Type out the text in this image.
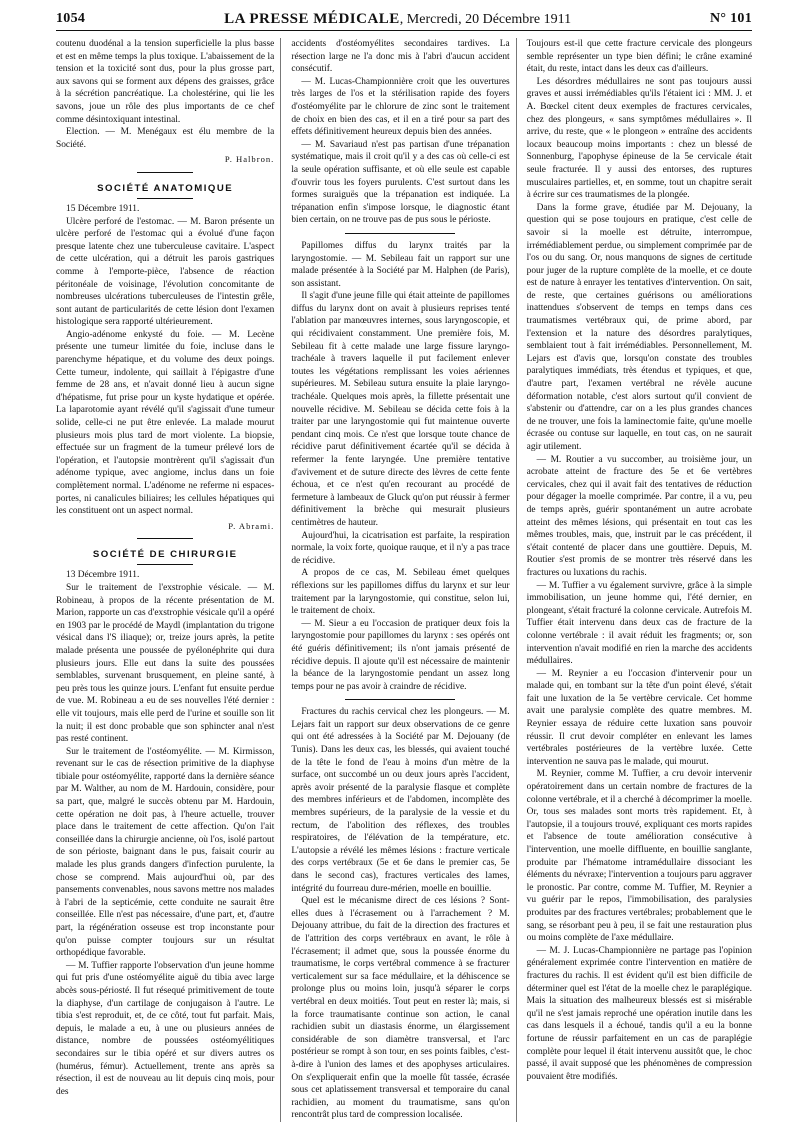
1054	LA PRESSE MÉDICALE, Mercredi, 20 Décembre 1911	N° 101

coutenu duodénal a la tension superficielle la plus basse et est en même temps la plus toxique. L'abaissement de la tension et la toxicité sont dus, pour la plus grosse part, aux savons qui se forment aux dépens des graisses, grâce à la sécrétion pancréatique. La cholestérine, qui lie les savons, joue un rôle des plus importants de ce chef comme désintoxiquant intestinal.

Election. — M. Menégaux est élu membre de la Société.

P. Halbron.

SOCIÉTÉ ANATOMIQUE

15 Décembre 1911.

Ulcère perforé de l'estomac. — M. Baron présente un ulcère perforé de l'estomac qui a évolué d'une façon presque latente chez une tuberculeuse cavitaire. L'aspect de cette ulcération, qui a détruit les parois gastriques comme à l'emporte-pièce, l'absence de réaction péritonéale de voisinage, l'évolution concomitante de nombreuses ulcérations tuberculeuses de l'intestin grêle, sont autant de particularités de cette lésion dont l'examen histologique sera rapporté ultérieurement.

Angio-adénome enkysté du foie. — M. Lecène présente une tumeur limitée du foie, incluse dans le parenchyme hépatique, et du volume des deux poings. Cette tumeur, indolente, qui saillait à l'épigastre d'une femme de 28 ans, et n'avait donné lieu à aucun signe d'hépatisme, fut prise pour un kyste hydatique et opérée. La laparotomie ayant révélé qu'il s'agissait d'une tumeur solide, celle-ci ne put être enlevée. La malade mourut plusieurs mois plus tard de mort violente. La biopsie, effectuée sur un fragment de la tumeur prélevé lors de l'opération, et l'autopsie montrèrent qu'il s'agissait d'un adénome typique, avec angiome, inclus dans un foie complètement normal. L'adénome ne referme ni espaces-portes, ni canalicules biliaires; les cellules hépatiques qui les constituent ont un aspect normal.

P. Abrami.

SOCIÉTÉ DE CHIRURGIE

13 Décembre 1911.

Sur le traitement de l'exstrophie vésicale. — M. Robineau, à propos de la récente présentation de M. Marion, rapporte un cas d'exstrophie vésicale qu'il a opéré en 1903 par le procédé de Maydl (implantation du trigone vésical dans l'S iliaque); or, treize jours après, la petite malade présenta une poussée de pyélonéphrite qui dura plusieurs jours. Elle eut dans la suite des poussées semblables, survenant brusquement, en pleine santé, à peu près tous les quinze jours. L'enfant fut ensuite perdue de vue. M. Robineau a eu de ses nouvelles l'été dernier : elle vit toujours, mais elle perd de l'urine et souille son lit la nuit; il est donc probable que son sphincter anal n'est pas resté continent.

Sur le traitement de l'ostéomyélite. — M. Kirmisson, revenant sur le cas de résection primitive de la diaphyse tibiale pour ostéomyélite, rapporté dans la dernière séance par M. Walther, au nom de M. Hardouin, considère, pour sa part, que, malgré le succès obtenu par M. Hardouin, cette opération ne doit pas, à l'heure actuelle, trouver place dans le traitement de cette affection. Qu'on l'ait conseillée dans la chirurgie ancienne, où l'os, isolé partout de son périoste, baignant dans le pus, faisait courir au malade les plus grands dangers d'infection purulente, la chose se comprend. Mais aujourd'hui où, par des pansements convenables, nous savons mettre nos malades à l'abri de la septicémie, cette conduite ne saurait être conseillée. Elle n'est pas nécessaire, d'une part, et, d'autre part, la régénération osseuse est trop inconstante pour qu'on puisse compter toujours sur un résultat orthopédique favorable.

— M. Tuffier rapporte l'observation d'un jeune homme qui fut pris d'une ostéomyélite aiguë du tibia avec large abcès sous-périosté. Il fut résequé primitivement de toute la diaphyse, d'un cartilage de conjugaison à l'autre. Le tibia s'est reproduit, et, de ce côté, tout fut parfait. Mais, depuis, le malade a eu, à une ou plusieurs années de distance, nombre de poussées ostéomyélitiques secondaires sur le tibia opéré et sur divers autres os (humérus, fémur). Actuellement, trente ans après sa résection, il est de nouveau au lit depuis cinq mois, pour des

accidents d'ostéomyélites secondaires tardives. La résection large ne l'a donc mis à l'abri d'aucun accident consécutif.

— M. Lucas-Championnière croit que les ouvertures très larges de l'os et la stérilisation rapide des foyers d'ostéomyélite par le chlorure de zinc sont le traitement de choix en bien des cas, et il en a tiré pour sa part des effets définitivement heureux depuis bien des années.

— M. Savariaud n'est pas partisan d'une trépanation systématique, mais il croit qu'il y a des cas où celle-ci est la seule opération suffisante, et où elle seule est capable d'ouvrir tous les foyers purulents. C'est surtout dans les formes suraiguës que la trépanation est indiquée. La trépanation enfin s'impose lorsque, le diagnostic étant bien certain, on ne trouve pas de pus sous le périoste.

Papillomes diffus du larynx traités par la laryngostomie. — M. Sebileau fait un rapport sur une malade présentée à la Société par M. Halphen (de Paris), son assistant.

Il s'agit d'une jeune fille qui était atteinte de papillomes diffus du larynx dont on avait à plusieurs reprises tenté l'ablation par manœuvres internes, sous laryngoscopie, et qui récidivaient constamment. Une première fois, M. Sebileau fit à cette malade une large fissure laryngo-trachéale à travers laquelle il put facilement enlever toutes les végétations remplissant les voies aériennes supérieures. M. Sebileau sutura ensuite la plaie laryngo-trachéale. Quelques mois après, la fillette présentait une nouvelle récidive. M. Sebileau se décida cette fois à la traiter par une laryngostomie qui fut maintenue ouverte pendant cinq mois. Ce n'est que lorsque toute chance de récidive parut définitivement écartée qu'il se décida à refermer la fente laryngée. Une première tentative d'avivement et de suture directe des lèvres de cette fente échoua, et ce n'est qu'en recourant au procédé de fermeture à lambeaux de Gluck qu'on put réussir à fermer définitivement la brèche qui mesurait plusieurs centimètres de hauteur.

Aujourd'hui, la cicatrisation est parfaite, la respiration normale, la voix forte, quoique rauque, et il n'y a pas trace de récidive.

A propos de ce cas, M. Sebileau émet quelques réflexions sur les papillomes diffus du larynx et sur leur traitement par la laryngostomie, qui constitue, selon lui, le traitement de choix.

— M. Sieur a eu l'occasion de pratiquer deux fois la laryngostomie pour papillomes du larynx : ses opérés ont été guéris définitivement; ils n'ont jamais présenté de récidive depuis. Il ajoute qu'il est nécessaire de maintenir la béance de la laryngostomie pendant un assez long temps pour ne pas avoir à craindre de récidive.

Fractures du rachis cervical chez les plongeurs. — M. Lejars fait un rapport sur deux observations de ce genre qui ont été adressées à la Société par M. Dejouany (de Tunis). Dans les deux cas, les blessés, qui avaient touché de la tête le fond de l'eau à moins d'un mètre de la surface, ont succombé un ou deux jours après l'accident, après avoir présenté de la paralysie flasque et complète des membres inférieurs et de l'abdomen, incomplète des membres supérieurs, de la paralysie de la vessie et du rectum, de l'abolition des réflexes, des troubles respiratoires, de l'élévation de la température, etc. L'autopsie a révélé les mêmes lésions : fracture verticale des corps vertébraux (5e et 6e dans le premier cas, 5e dans le second cas), fractures verticales des lames, intégrité du fourreau dure-mérien, moelle en bouillie.

Quel est le mécanisme direct de ces lésions ? Sont-elles dues à l'écrasement ou à l'arrachement ? M. Dejouany attribue, du fait de la direction des fractures et de l'attrition des corps vertébraux en avant, le rôle à l'écrasement; il admet que, sous la poussée énorme du traumatisme, le corps vertébral commence à se fracturer verticalement sur sa face médullaire, et la déhiscence se prolonge plus ou moins loin, jusqu'à séparer le corps vertébral en deux moitiés. Tout peut en rester là; mais, si la force traumatisante continue son action, le canal rachidien subit un diastasis énorme, un élargissement considérable de son diamètre transversal, et l'arc postérieur se rompt à son tour, en ses points faibles, c'est-à-dire à l'union des lames et des apophyses articulaires. On s'expliquerait enfin que la moelle fût tassée, écrasée sous cet aplatissement transversal et temporaire du canal rachidien, au moment du traumatisme, sans qu'on rencontrât plus tard de compression localisée.

Toujours est-il que cette fracture cervicale des plongeurs semble représenter un type bien défini; le crâne examiné était, du reste, intact dans les deux cas d'ailleurs.

Les désordres médullaires ne sont pas toujours aussi graves et aussi irrémédiables qu'ils l'étaient ici : MM. J. et A. Bœckel citent deux exemples de fractures cervicales, chez des plongeurs, « sans symptômes médullaires ». Il arrive, du reste, que « le plongeon » entraîne des accidents locaux beaucoup moins importants : chez un blessé de Sonnenburg, l'apophyse épineuse de la 5e cervicale était seule fracturée. Il y aussi des entorses, des ruptures musculaires partielles, et, en somme, tout un chapitre serait à écrire sur ces traumatismes de la plongée.

Dans la forme grave, étudiée par M. Dejouany, la question qui se pose toujours en pratique, c'est celle de savoir si la moelle est détruite, interrompue, irrémédiablement perdue, ou simplement comprimée par de l'os ou du sang. Or, nous manquons de signes de certitude pour juger de la rupture complète de la moelle, et ce doute est de nature à enrayer les tentatives d'intervention. On sait, de reste, que certaines guérisons ou améliorations inattendues s'observent de temps en temps dans ces traumatismes vertébraux qui, de prime abord, par l'extension et la nature des désordres paralytiques, semblaient tout à fait irrémédiables. Personnellement, M. Lejars est d'avis que, lorsqu'on constate des troubles paralytiques immédiats, très étendus et typiques, et que, d'autre part, l'examen vertébral ne révèle aucune déformation notable, c'est alors surtout qu'il convient de s'abstenir ou d'attendre, car on a les plus grandes chances de ne trouver, une fois la laminectomie faite, qu'une moelle écrasée ou contuse sur laquelle, en tout cas, on ne saurait agir utilement.

— M. Routier a vu succomber, au troisième jour, un acrobate atteint de fracture des 5e et 6e vertèbres cervicales, chez qui il avait fait des tentatives de réduction pour dégager la moelle comprimée. Par contre, il a vu, peu de temps après, guérir spontanément un autre acrobate atteint des mêmes lésions, qui présentait en tout cas les mêmes troubles, mais, que, instruit par le cas précédent, il s'était contenté de placer dans une gouttière. Depuis, M. Routier s'est promis de se montrer très réservé dans les fractures ou luxations du rachis.

— M. Tuffier a vu également survivre, grâce à la simple immobilisation, un jeune homme qui, l'été dernier, en plongeant, s'était fracturé la colonne cervicale. Autrefois M. Tuffier était intervenu dans deux cas de fracture de la colonne vertébrale : il avait réduit les fragments; or, son intervention n'avait modifié en rien la marche des accidents médullaires.

— M. Reynier a eu l'occasion d'intervenir pour un malade qui, en tombant sur la tête d'un point élevé, s'était fait une luxation de la 5e vertèbre cervicale. Cet homme avait une paralysie complète des quatre membres. M. Reynier essaya de réduire cette luxation sans pouvoir réussir. Il crut devoir compléter en enlevant les lames vertébrales postérieures de la vertèbre luxée. Cette intervention ne sauva pas le malade, qui mourut.

M. Reynier, comme M. Tuffier, a cru devoir intervenir opératoirement dans un certain nombre de fractures de la colonne vertébrale, et il a cherché à décomprimer la moelle. Or, tous ses malades sont morts très rapidement. Et, à l'autopsie, il a toujours trouvé, expliquant ces morts rapides et l'absence de toute amélioration consécutive à l'intervention, une moelle diffluente, en bouillie sanglante, produite par l'hématome intramédullaire dissociant les éléments du névraxe; l'intervention a toujours paru aggraver le pronostic. Par contre, comme M. Tuffier, M. Reynier a vu guérir par le repos, l'immobilisation, des paralysies produites par des fractures vertébrales; probablement que le sang, se résorbant peu à peu, il se fait une restauration plus ou moins complète de l'axe médullaire.

— M. J. Lucas-Championnière ne partage pas l'opinion généralement exprimée contre l'intervention en matière de fractures du rachis. Il est évident qu'il est bien difficile de déterminer quel est l'état de la moelle chez le paraplégique. Mais la situation des malheureux blessés est si misérable qu'il ne s'est jamais reproché une opération inutile dans les cas dans lesquels il a échoué, tandis qu'il a eu la bonne fortune de réussir parfaitement en un cas de paraplégie complète pour lequel il était intervenu aussitôt que, le choc passé, il avait supposé que les phénomènes de compression pouvaient être modifiés.
